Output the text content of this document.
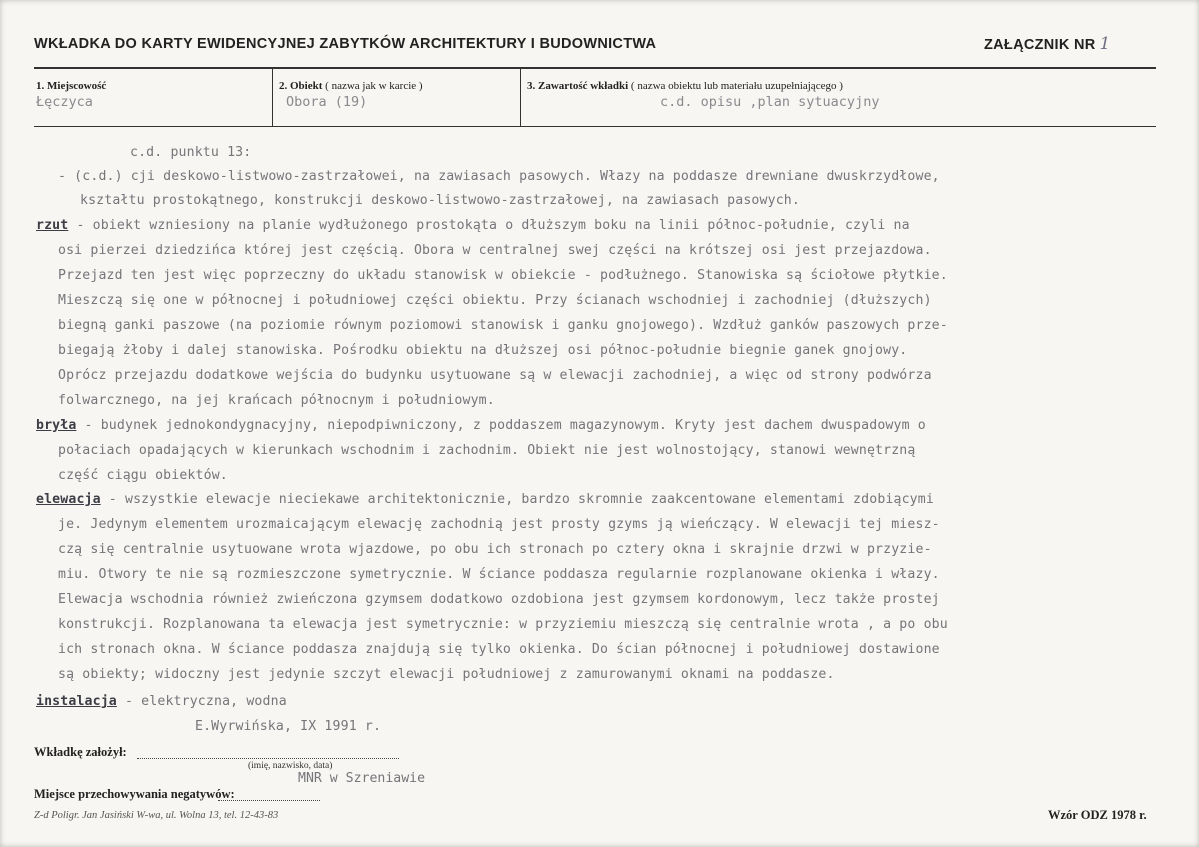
WKŁADKA DO KARTY EWIDENCYJNEJ ZABYTKÓW ARCHITEKTURY I BUDOWNICTWA	ZAŁĄCZNIK NR 1
1. Miejscowość
Łęczyca
2. Obiekt ( nazwa jak w karcie )
Obora (19)
3. Zawartość wkładki ( nazwa obiektu lub materiału uzupełniającego )
c.d. opisu ,plan sytuacyjny
c.d. punktu 13:
- (c.d.) cji deskowo-listwowo-zastrzałowei, na zawiasach pasowych. Włazy na poddasze drewniane dwuskrzydłowe,
kształtu prostokątnego, konstrukcji deskowo-listwowo-zastrzałowej, na zawiasach pasowych.
rzut - obiekt wzniesiony na planie wydłużonego prostokąta o dłuższym boku na linii północ-południe, czyli na
osi pierzei dziedzińca której jest częścią. Obora w centralnej swej części na krótszej osi jest przejazdowa.
Przejazd ten jest więc poprzeczny do układu stanowisk w obiekcie - podłużnego. Stanowiska są ściołowe płytkie.
Mieszczą się one w północnej i południowej części obiektu. Przy ścianach wschodniej i zachodniej (dłuższych)
biegną ganki paszowe (na poziomie równym poziomowi stanowisk i ganku gnojowego). Wzdłuż ganków paszowych prze-
biegają żłoby i dalej stanowiska. Pośrodku obiektu na dłuższej osi północ-południe biegnie ganek gnojowy.
Oprócz przejazdu dodatkowe wejścia do budynku usytuowane są w elewacji zachodniej, a więc od strony podwórza
folwarcznego, na jej krańcach północnym i południowym.
bryła - budynek jednokondygnacyjny, niepodpiwniczony, z poddaszem magazynowym. Kryty jest dachem dwuspadowym o
połaciach opadających w kierunkach wschodnim i zachodnim. Obiekt nie jest wolnostojący, stanowi wewnętrzną
część ciągu obiektów.
elewacja - wszystkie elewacje nieciekawe architektonicznie, bardzo skromnie zaakcentowane elementami zdobiącymi
je. Jedynym elementem urozmaicającym elewację zachodnią jest prosty gzyms ją wieńczący. W elewacji tej miesz-
czą się centralnie usytuowane wrota wjazdowe, po obu ich stronach po cztery okna i skrajnie drzwi w przyzie-
miu. Otwory te nie są rozmieszczone symetrycznie. W ściance poddasza regularnie rozplanowane okienka i włazy.
Elewacja wschodnia również zwieńczona gzymsem dodatkowo ozdobiona jest gzymsem kordonowym, lecz także prostej
konstrukcji. Rozplanowana ta elewacja jest symetrycznie: w przyziemiu mieszczą się centralnie wrota , a po obu
ich stronach okna. W ściance poddasza znajdują się tylko okienka. Do ścian północnej i południowej dostawione
są obiekty; widoczny jest jedynie szczyt elewacji południowej z zamurowanymi oknami na poddasze.
instalacja - elektryczna, wodna
E.Wyrwińska, IX 1991 r.
Wkładkę założył:
(imię, nazwisko, data)
MNR w Szreniawie
Miejsce przechowywania negatywów:
Z-d Poligr. Jan Jasiński W-wa, ul. Wolna 13, tel. 12-43-83	Wzór ODZ 1978 r.
